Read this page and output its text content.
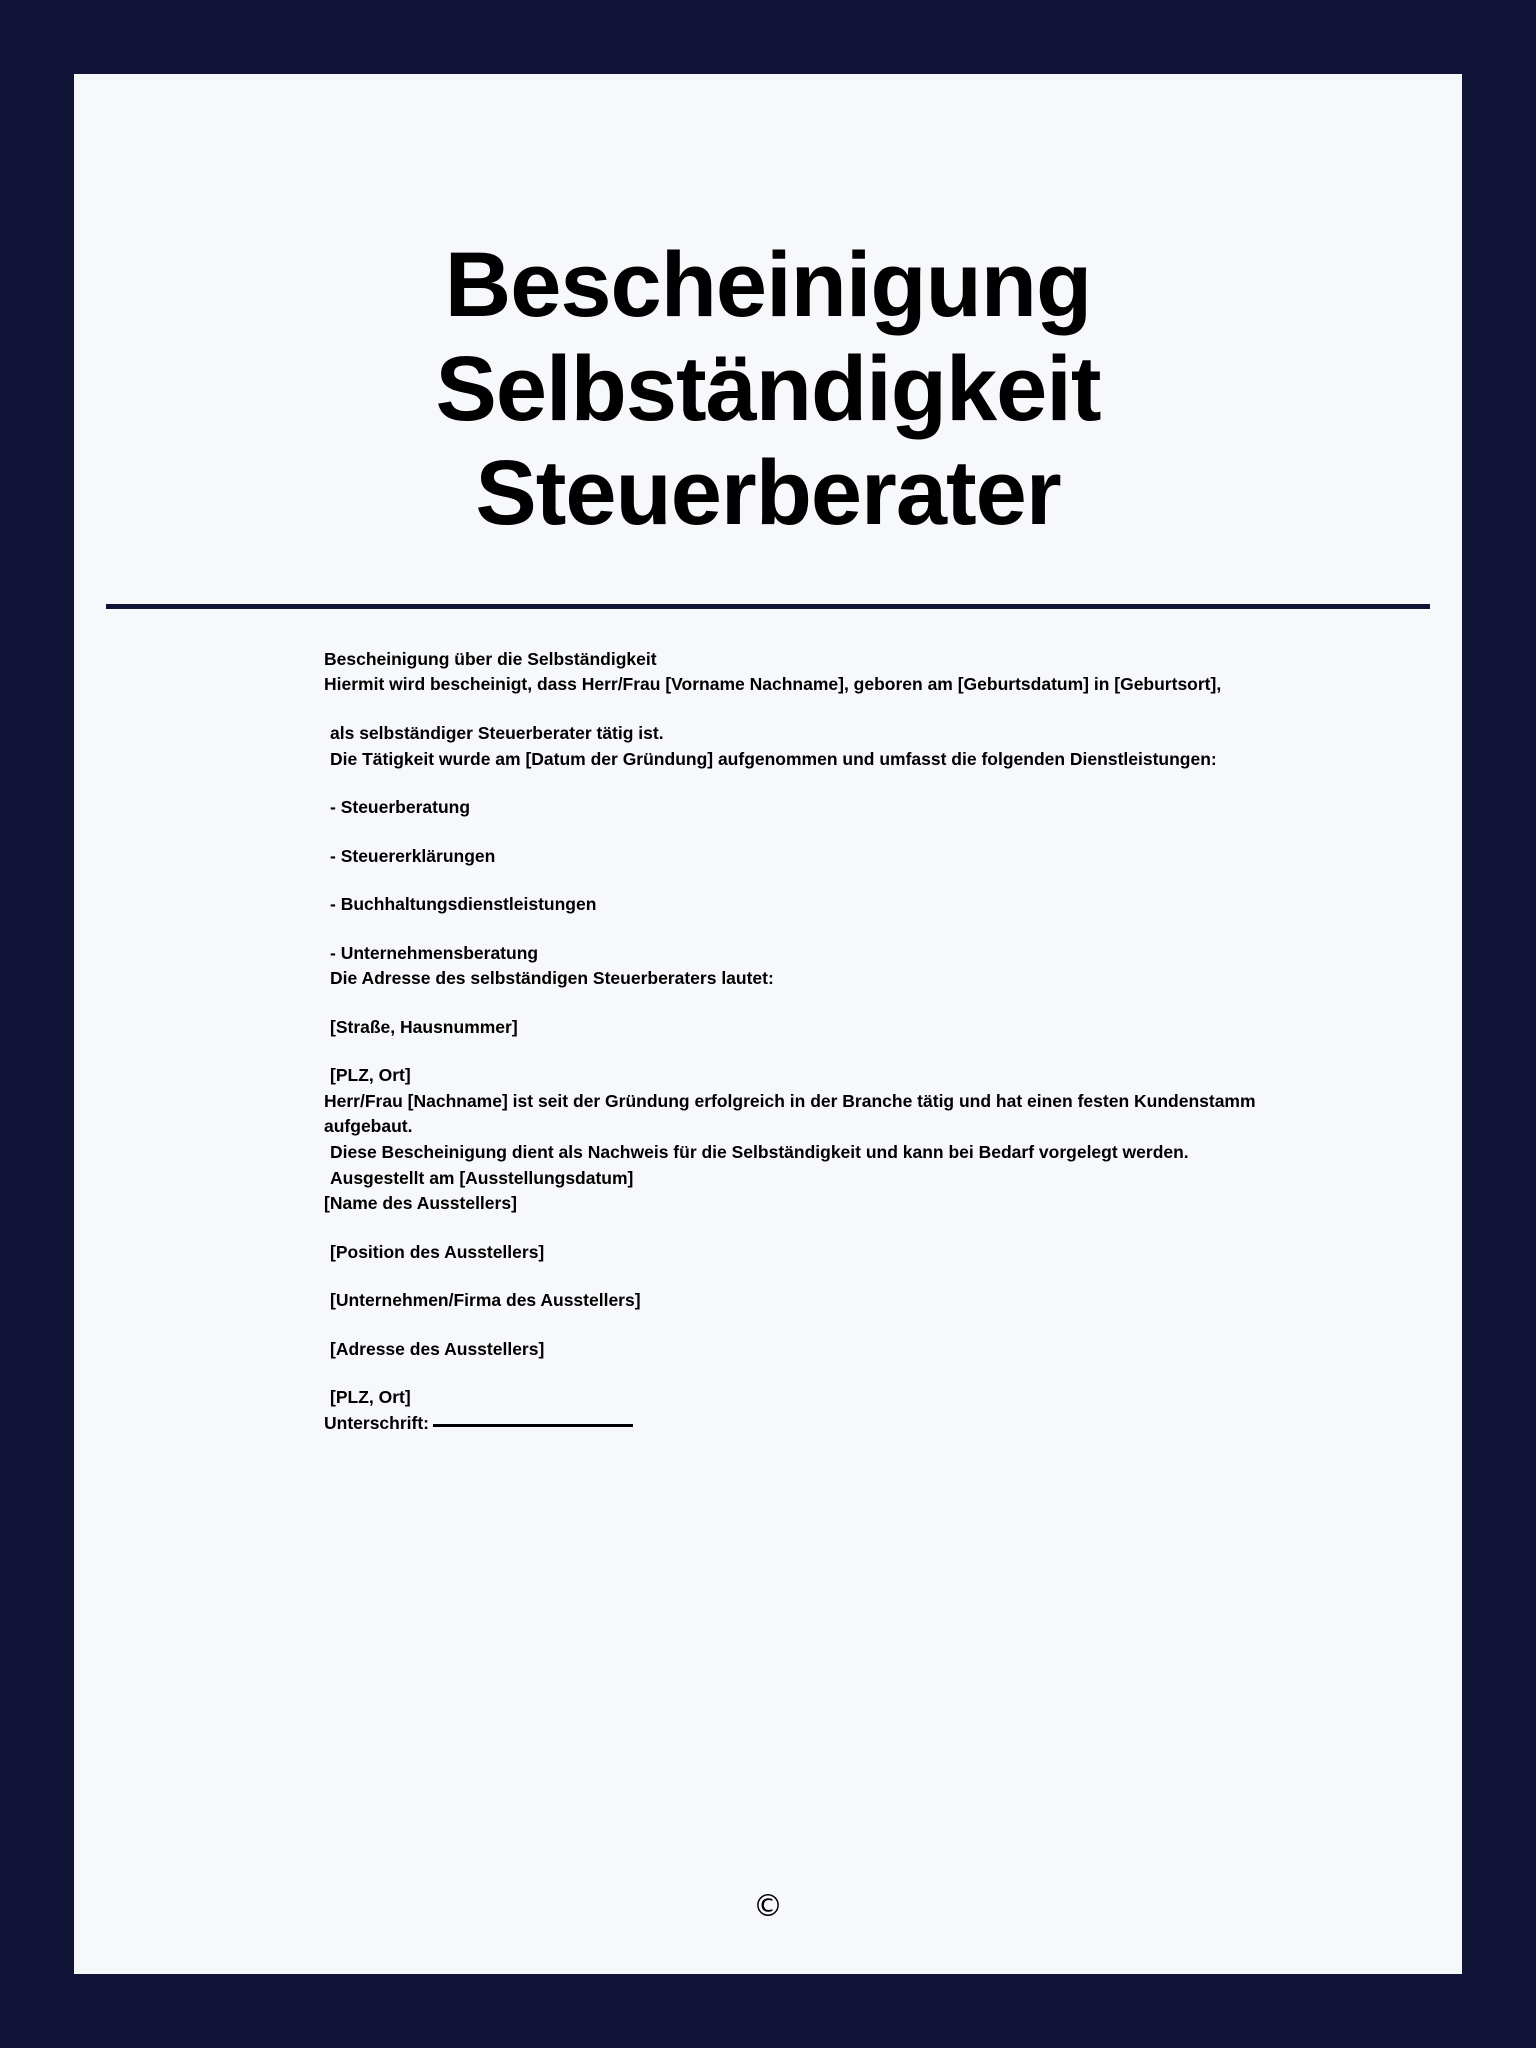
Bescheinigung
Selbständigkeit
Steuerberater

Bescheinigung über die Selbständigkeit

Hiermit wird bescheinigt, dass Herr/Frau [Vorname Nachname], geboren am [Geburtsdatum] in [Geburtsort],

als selbständiger Steuerberater tätig ist.

Die Tätigkeit wurde am [Datum der Gründung] aufgenommen und umfasst die folgenden Dienstleistungen:

- Steuerberatung

- Steuererklärungen

- Buchhaltungsdienstleistungen

- Unternehmensberatung

Die Adresse des selbständigen Steuerberaters lautet:

[Straße, Hausnummer]

[PLZ, Ort]

Herr/Frau [Nachname] ist seit der Gründung erfolgreich in der Branche tätig und hat einen festen Kundenstamm aufgebaut.

Diese Bescheinigung dient als Nachweis für die Selbständigkeit und kann bei Bedarf vorgelegt werden.

Ausgestellt am [Ausstellungsdatum]

[Name des Ausstellers]

[Position des Ausstellers]

[Unternehmen/Firma des Ausstellers]

[Adresse des Ausstellers]

[PLZ, Ort]

Unterschrift:

©
